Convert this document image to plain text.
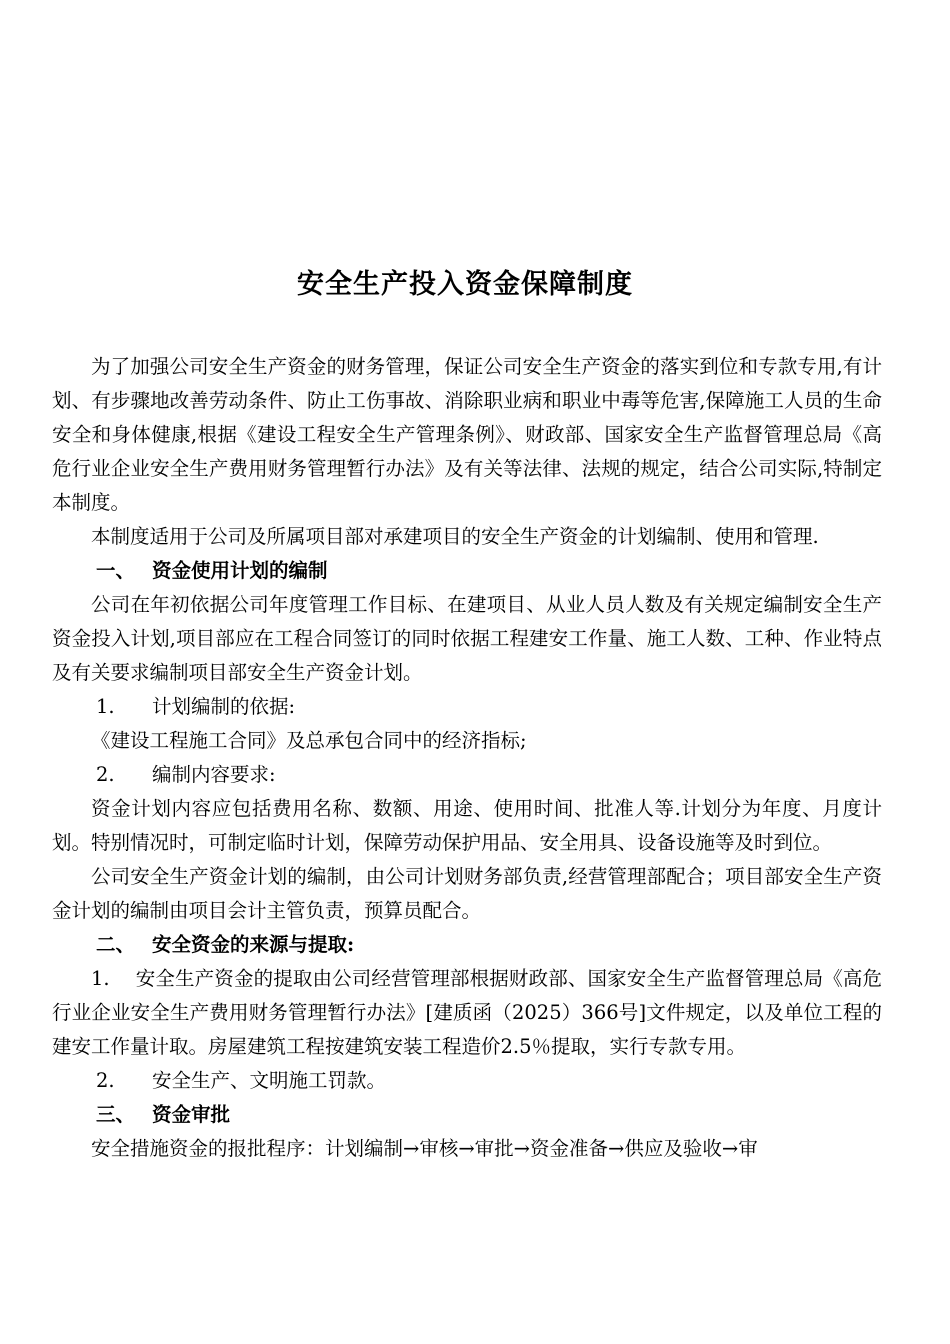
安全生产投入资金保障制度

为了加强公司安全生产资金的财务管理，保证公司安全生产资金的落实到位和专款专用,有计划、有步骤地改善劳动条件、防止工伤事故、消除职业病和职业中毒等危害,保障施工人员的生命安全和身体健康,根据《建设工程安全生产管理条例》、财政部、国家安全生产监督管理总局《高危行业企业安全生产费用财务管理暂行办法》及有关等法律、法规的规定，结合公司实际,特制定本制度。

本制度适用于公司及所属项目部对承建项目的安全生产资金的计划编制、使用和管理.

一、 资金使用计划的编制

公司在年初依据公司年度管理工作目标、在建项目、从业人员人数及有关规定编制安全生产资金投入计划,项目部应在工程合同签订的同时依据工程建安工作量、施工人数、工种、作业特点及有关要求编制项目部安全生产资金计划。

1. 计划编制的依据:

《建设工程施工合同》及总承包合同中的经济指标;

2. 编制内容要求:

资金计划内容应包括费用名称、数额、用途、使用时间、批准人等.计划分为年度、月度计划。特别情况时，可制定临时计划，保障劳动保护用品、安全用具、设备设施等及时到位。

公司安全生产资金计划的编制，由公司计划财务部负责,经营管理部配合；项目部安全生产资金计划的编制由项目会计主管负责，预算员配合。

二、 安全资金的来源与提取:

1.　 安全生产资金的提取由公司经营管理部根据财政部、国家安全生产监督管理总局《高危行业企业安全生产费用财务管理暂行办法》[建质函（2025）366号]文件规定，以及单位工程的建安工作量计取。房屋建筑工程按建筑安装工程造价2.5％提取，实行专款专用。

2. 安全生产、文明施工罚款。

三、 资金审批

安全措施资金的报批程序：计划编制→审核→审批→资金准备→供应及验收→审
